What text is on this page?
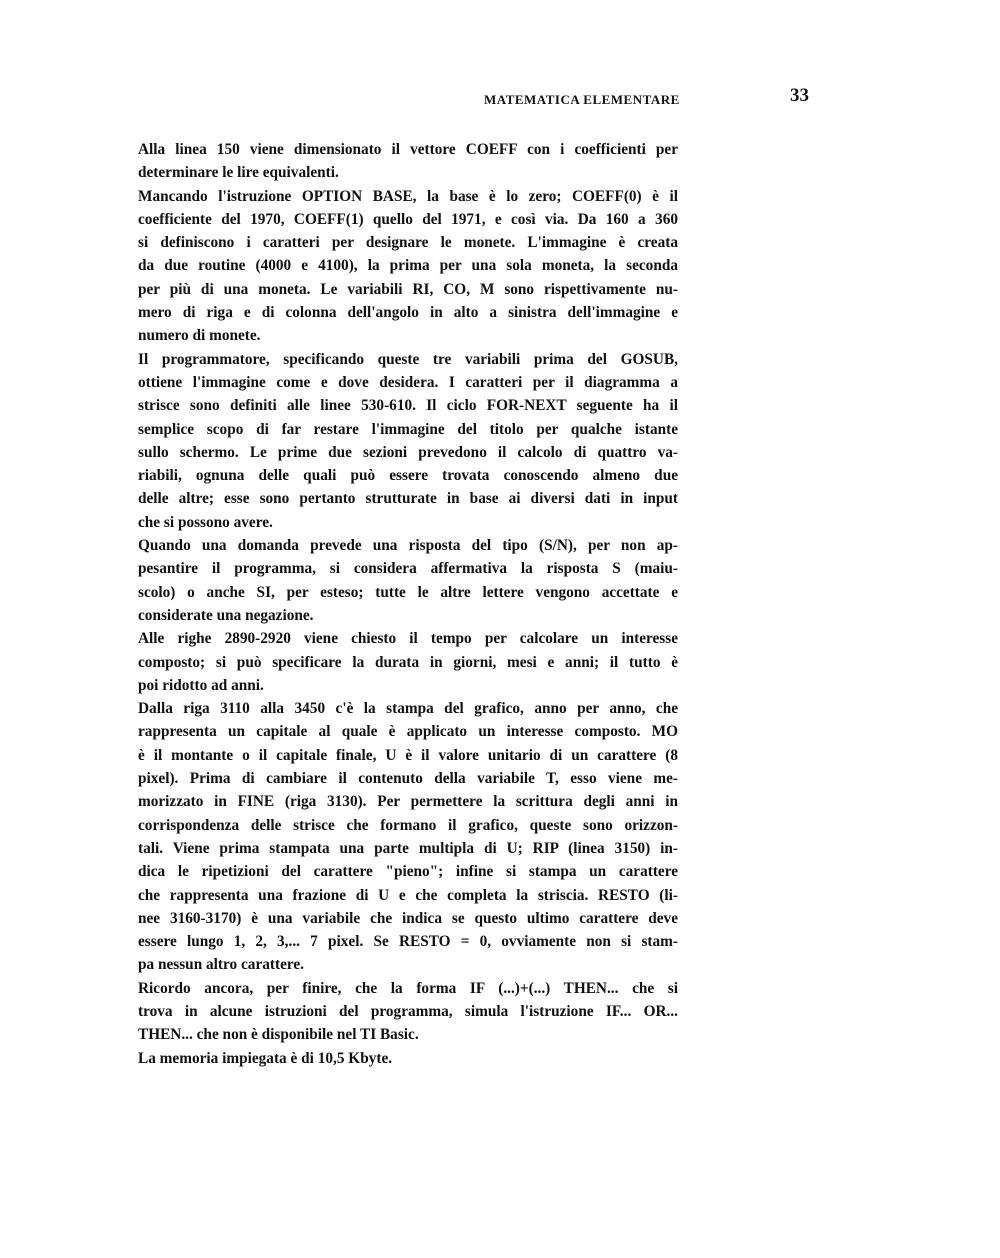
MATEMATICA ELEMENTARE	33
Alla linea 150 viene dimensionato il vettore COEFF con i coefficienti per
determinare le lire equivalenti.
Mancando l'istruzione OPTION BASE, la base è lo zero; COEFF(0) è il
coefficiente del 1970, COEFF(1) quello del 1971, e così via. Da 160 a 360
si definiscono i caratteri per designare le monete. L'immagine è creata
da due routine (4000 e 4100), la prima per una sola moneta, la seconda
per più di una moneta. Le variabili RI, CO, M sono rispettivamente nu-
mero di riga e di colonna dell'angolo in alto a sinistra dell'immagine e
numero di monete.
Il programmatore, specificando queste tre variabili prima del GOSUB,
ottiene l'immagine come e dove desidera. I caratteri per il diagramma a
strisce sono definiti alle linee 530-610. Il ciclo FOR-NEXT seguente ha il
semplice scopo di far restare l'immagine del titolo per qualche istante
sullo schermo. Le prime due sezioni prevedono il calcolo di quattro va-
riabili, ognuna delle quali può essere trovata conoscendo almeno due
delle altre; esse sono pertanto strutturate in base ai diversi dati in input
che si possono avere.
Quando una domanda prevede una risposta del tipo (S/N), per non ap-
pesantire il programma, si considera affermativa la risposta S (maiu-
scolo) o anche SI, per esteso; tutte le altre lettere vengono accettate e
considerate una negazione.
Alle righe 2890-2920 viene chiesto il tempo per calcolare un interesse
composto; si può specificare la durata in giorni, mesi e anni; il tutto è
poi ridotto ad anni.
Dalla riga 3110 alla 3450 c'è la stampa del grafico, anno per anno, che
rappresenta un capitale al quale è applicato un interesse composto. MO
è il montante o il capitale finale, U è il valore unitario di un carattere (8
pixel). Prima di cambiare il contenuto della variabile T, esso viene me-
morizzato in FINE (riga 3130). Per permettere la scrittura degli anni in
corrispondenza delle strisce che formano il grafico, queste sono orizzon-
tali. Viene prima stampata una parte multipla di U; RIP (linea 3150) in-
dica le ripetizioni del carattere "pieno"; infine si stampa un carattere
che rappresenta una frazione di U e che completa la striscia. RESTO (li-
nee 3160-3170) è una variabile che indica se questo ultimo carattere deve
essere lungo 1, 2, 3,... 7 pixel. Se RESTO = 0, ovviamente non si stam-
pa nessun altro carattere.
Ricordo ancora, per finire, che la forma IF (...)+(...) THEN... che si
trova in alcune istruzioni del programma, simula l'istruzione IF... OR...
THEN... che non è disponibile nel TI Basic.
La memoria impiegata è di 10,5 Kbyte.
